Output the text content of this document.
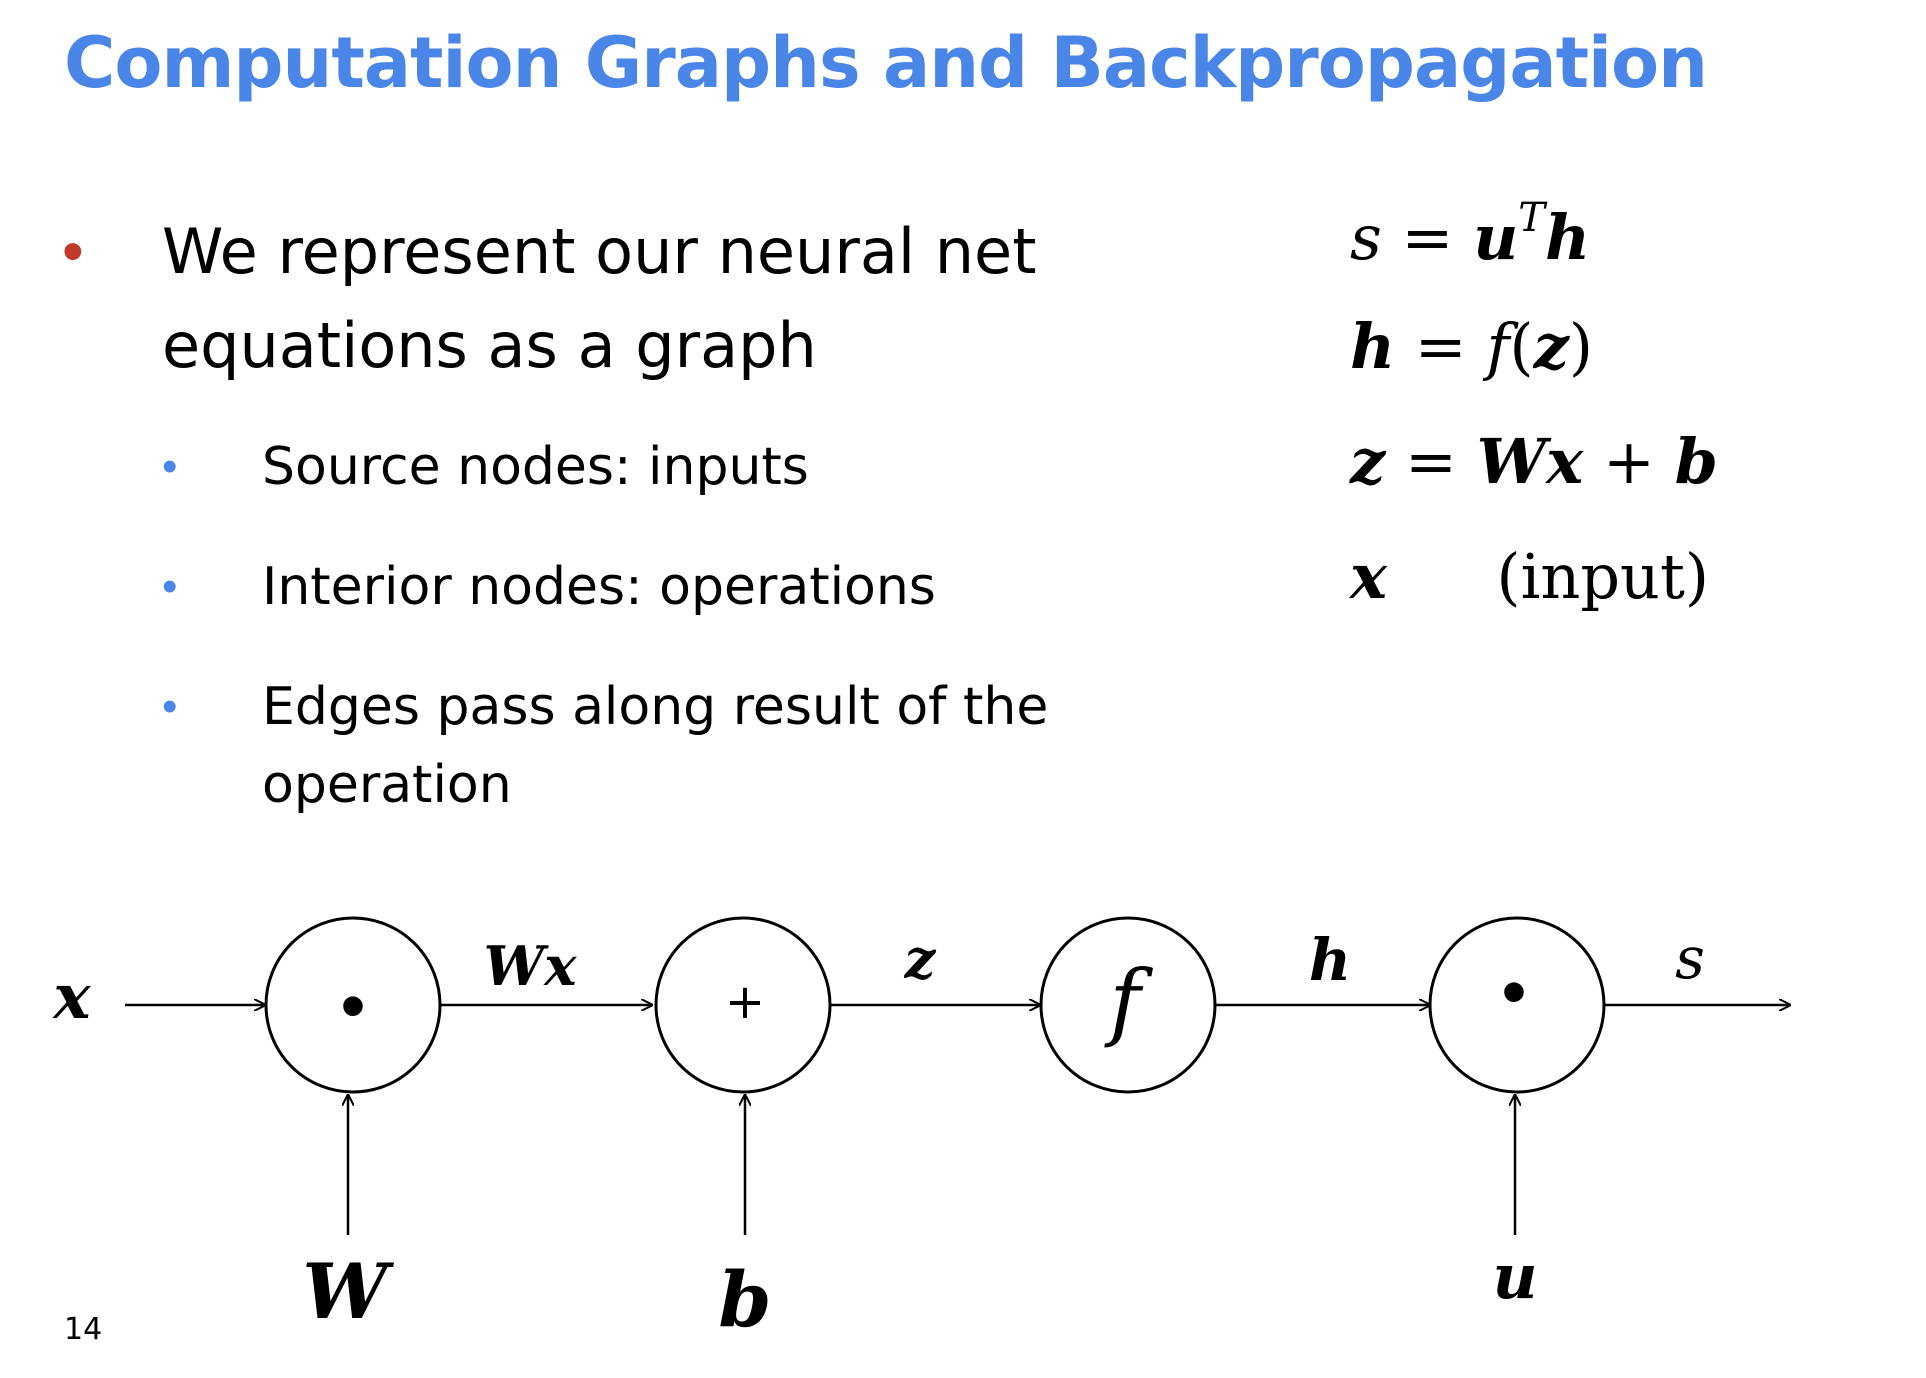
Computation Graphs and Backpropagation
• We represent our neural net equations as a graph
• Source nodes: inputs
• Interior nodes: operations
• Edges pass along result of the operation
$s = u^Th$
h = f(z)
z = Wx + b
x (input)
•	+	f	•
x	Wx	z	h	s
W	b	u
14
